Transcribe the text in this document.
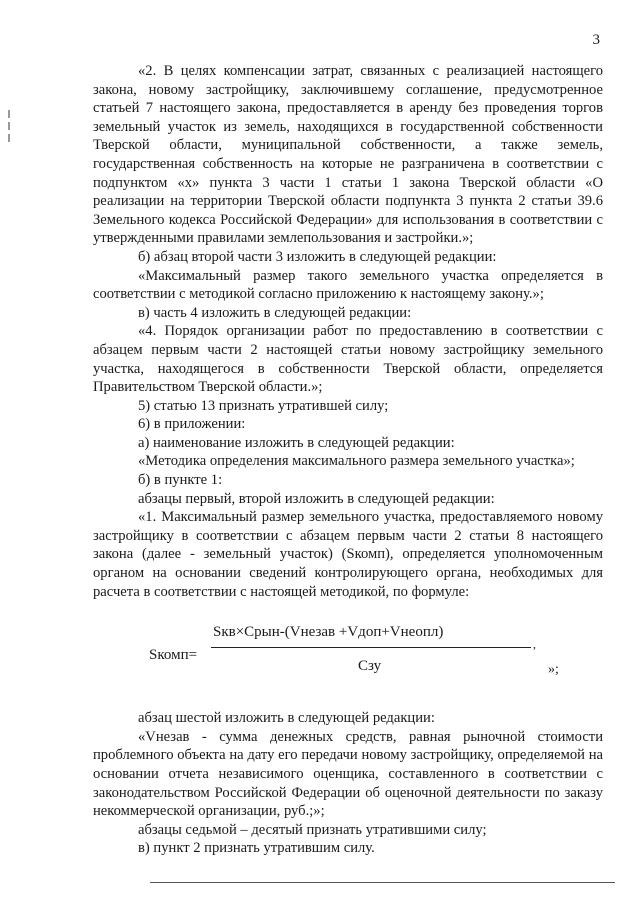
3

«2. В целях компенсации затрат, связанных с реализацией настоящего закона, новому застройщику, заключившему соглашение, предусмотренное статьей 7 настоящего закона, предоставляется в аренду без проведения торгов земельный участок из земель, находящихся в государственной собственности Тверской области, муниципальной собственности, а также земель, государственная собственность на которые не разграничена в соответствии с подпунктом «х» пункта 3 части 1 статьи 1 закона Тверской области «О реализации на территории Тверской области подпункта 3 пункта 2 статьи 39.6 Земельного кодекса Российской Федерации» для использования в соответствии с утвержденными правилами землепользования и застройки.»;

б) абзац второй части 3 изложить в следующей редакции:

«Максимальный размер такого земельного участка определяется в соответствии с методикой согласно приложению к настоящему закону.»;

в) часть 4 изложить в следующей редакции:

«4. Порядок организации работ по предоставлению в соответствии с абзацем первым части 2 настоящей статьи новому застройщику земельного участка, находящегося в собственности Тверской области, определяется Правительством Тверской области.»;

5) статью 13 признать утратившей силу;

6) в приложении:

а) наименование изложить в следующей редакции:

«Методика определения максимального размера земельного участка»;

б) в пункте 1:

абзацы первый, второй изложить в следующей редакции:

«1. Максимальный размер земельного участка, предоставляемого новому застройщику в соответствии с абзацем первым части 2 статьи 8 настоящего закона (далее - земельный участок) (Sкомп), определяется уполномоченным органом на основании сведений контролирующего органа, необходимых для расчета в соответствии с настоящей методикой, по формуле:

Sкомп=
Sкв×Срын-(Vнезав +Vдоп+Vнеопл)
Сзу
,
»;

абзац шестой изложить в следующей редакции:

«Vнезав - сумма денежных средств, равная рыночной стоимости проблемного объекта на дату его передачи новому застройщику, определяемой на основании отчета независимого оценщика, составленного в соответствии с законодательством Российской Федерации об оценочной деятельности по заказу некоммерческой организации, руб.;»;

абзацы седьмой – десятый признать утратившими силу;

в) пункт 2 признать утратившим силу.
